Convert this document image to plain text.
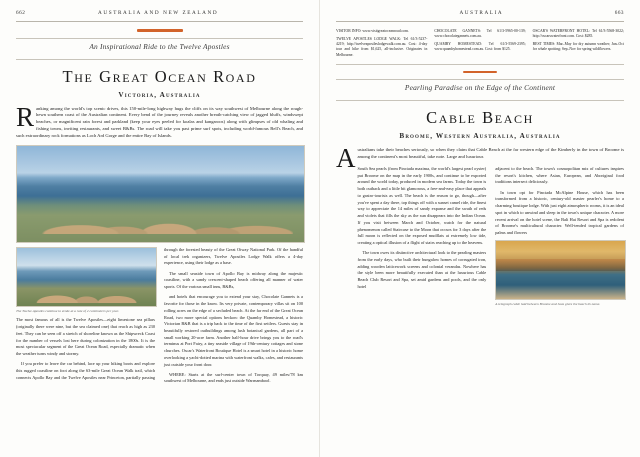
662	AUSTRALIA AND NEW ZEALAND
An Inspirational Ride to the Twelve Apostles
The Great Ocean Road
Victoria, Australia

Ranking among the world's top scenic drives, this 150-mile-long highway hugs the cliffs on its way southwest of Melbourne along the rough-hewn southern coast of the Australian continent. Every bend of the journey reveals another breath-catching view of jagged bluffs, windswept beaches, or magnificent rain forest and parkland (keep your eyes peeled for koalas and kangaroos) along with glimpses of old whaling and fishing towns, inviting restaurants, and sweet B&Bs. The road will take you past prime surf spots, including world-famous Bell's Beach, and such extraordinary rock formations as Loch Ard Gorge and the entire Bay of Islands.

The Twelve Apostles continue to erode at a rate of 2 centimeters per year.

The most famous of all is the Twelve Apostles—eight limestone sea pillars (originally there were nine, but the sea claimed one) that reach as high as 230 feet. They can be seen off a stretch of shoreline known as the Shipwreck Coast for the number of vessels lost here during colonization in the 1800s. It is the most spectacular segment of the Great Ocean Road, especially dramatic when the weather turns windy and stormy.

If you prefer to leave the car behind, lace up your hiking boots and explore this rugged coastline on foot along the 63-mile Great Ocean Walk trail, which connects Apollo Bay and the Twelve Apostles near Princeton, partially passing through the forested beauty of the Great Otway National Park. Of the handful of local trek organizers, Twelve Apostles Lodge Walk offers a 4-day experience, using their lodge as a base.

The small seaside town of Apollo Bay is midway along the majestic coastline, with a sandy crescent-shaped beach offering all manner of water sports. Of the various small inns, B&Bs,

and hotels that encourage you to extend your stay, Chocolate Gannets is a favorite for those in the know. Its very private, contemporary villas sit on 100 rolling acres on the edge of a secluded beach. At the far end of the Great Ocean Road, two more special options beckon: the Quamby Homestead, a historic Victorian B&B that is a trip back to the time of the first settlers. Guests stay in beautifully restored outbuildings among lush botanical gardens, all part of a small working 20-acre farm. Another half-hour drive brings you to the road's terminus at Port Fairy, a tiny seaside village of 19th-century cottages and stone churches. Oscar's Waterfront Boutique Hotel is a smart hotel in a historic home overlooking a yacht-dotted marina with waterfront walks, cafes, and restaurants just outside your front door.

WHERE: Starts at the surf-center town of Torquay, 49 miles/78 km southwest of Melbourne, and ends just outside Warrnambool.

AUSTRALIA	663

VISITOR INFO: www.visitgreatoceanroad.com.

TWELVE APOSTLES LODGE WALK: Tel 61/3-5237-4219; http://twelveapostleslodgewalk.com.au. Cost: 4-day tour and hike from $1,625, all-inclusive. Originates in Melbourne.

CHOCOLATE GANNETS: Tel 61/3-5965-00-139; www.chocolategannets.com.au.

QUAMBY HOMESTEAD: Tel 61/3-5569-2395; www.quambyhomestead.com.au. Cost: from $125.

OSCAR'S WATERFRONT HOTEL: Tel 61/3-5568-3022; http://oscarswaterfront.com. Cost: $285.

BEST TIMES: Mar–May for dry autumn weather; Jun–Oct for whale spotting; Sep–Nov for spring wildflowers.

Pearling Paradise on the Edge of the Continent
Cable Beach
Broome, Western Australia, Australia

Australians take their beaches seriously, so when they claim that Cable Beach at the far western edge of the Kimberly in the town of Broome is among the continent's most beautiful, take note. Large and luxurious

South Sea pearls (from Pinctada maxima, the world's largest pearl oyster) put Broome on the map in the early 1900s, and continue to be exported around the world today, produced in modern sea farms. Today the town is both outback and a little bit glamorous, a free-and-easy place that appeals to gastro-tourists as well. The beach is the reason to go, though—after you've spent a day there, top things off with a sunset camel ride, the finest way to appreciate the 14 miles of sandy expanse and the swath of reds and violets that fills the sky as the sun disappears into the Indian Ocean. If you visit between March and October, watch for the natural phenomenon called Staircase to the Moon that occurs for 3 days after the full moon is reflected on the exposed mudflats at extremely low tide, creating a optical illusion of a flight of stairs reaching up to the heavens.

The town owes its distinctive architectural look to the pearling masters from the early days, who built their bungalow homes of corrugated iron, adding wooden latticework screens and colonial verandas. Nowhere has the style been more beautifully executed than at the luxurious Cable Beach Club Resort and Spa, set amid gardens and pools, and the only hotel

adjacent to the beach. The town's cosmopolitan mix of cultures inspires the resort's kitchen, where Asian, European, and Aboriginal food traditions intersect deliciously.

In town opt for Pinctada McAlpine House, which has been transformed from a historic, century-old master pearler's home to a charming boutique lodge. With just eight atmospheric rooms, it is an ideal spot in which to unwind and sleep in the town's unique character. A more recent arrival on the hotel scene, the Bali Hai Resort and Spa is redolent of Broome's multicultural character. Well-tended tropical gardens of palms and flowers

A telegraph cable laid between Broome and Java gives the beach its name.
